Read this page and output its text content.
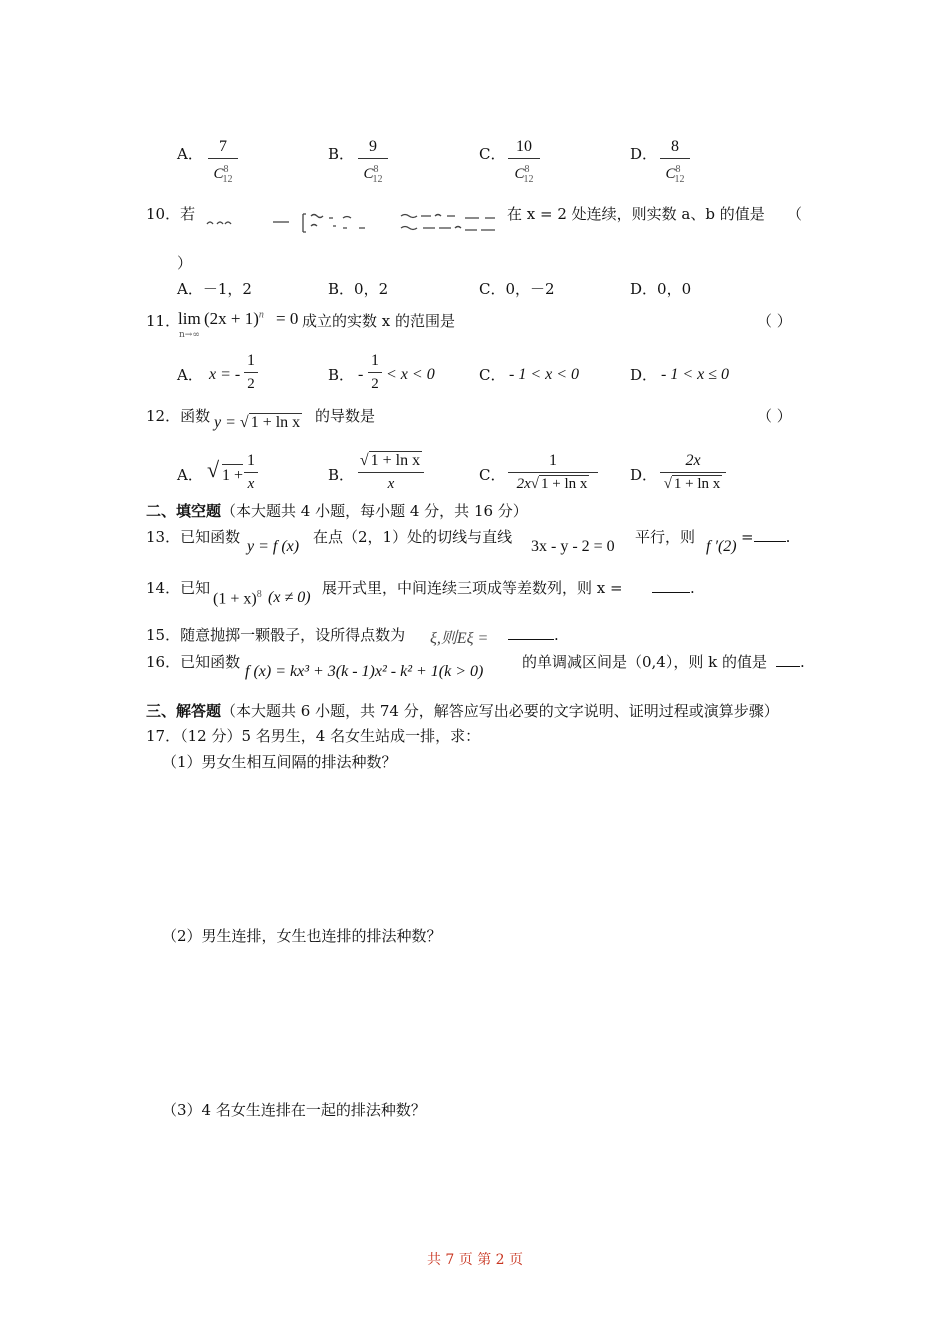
A．	7
$C^8_{12}$
B． 9
$C^8_{12}$
C． 10
$C^8_{12}$
D． 8
$C^8_{12}$
10．若	在 x = 2 处连续，则实数 a、b 的值是 （
）
A．－1，2	B．0，2	C．0，－2	D．0，0
11．
lim
n→∞
$(2x + 1)^n = 0$ 成立的实数 x 的范围是	（ ）
A． x = -
1
2	B． -
1
2
< x < 0	C． - 1 < x < 0	D． - 1 < x ≤ 0
12．函数 y = √ 1 + ln x 的导数是	（ ）
A． √ 1 +
1
x	B．
√ 1 + ln x
x	C．
1
2x√ 1 + ln x	D．
2x
√ 1 + ln x
二、填空题（本大题共 4 小题，每小题 4 分，共 16 分）
13．已知函数
y = f (x)
在点（2，1）处的切线与直线
3x - y - 2 = 0
平行，则
f ′(2)
= .
14．已知
$(1 + x)^8$ (x ≠ 0)
展开式里，中间连续三项成等差数列，则 x =	.
15．随意抛掷一颗骰子，设所得点数为 ξ,则Eξ =	.
16．已知函数
f (x) = kx³ + 3(k - 1)x² - k² + 1(k > 0)
的单调减区间是（0,4），则 k 的值是	.
三、解答题（本大题共 6 小题，共 74 分，解答应写出必要的文字说明、证明过程或演算步骤）
17．（12 分）5 名男生，4 名女生站成一排，求：
（1）男女生相互间隔的排法种数？
（2）男生连排，女生也连排的排法种数？
（3）4 名女生连排在一起的排法种数？
共 7 页 第 2 页
